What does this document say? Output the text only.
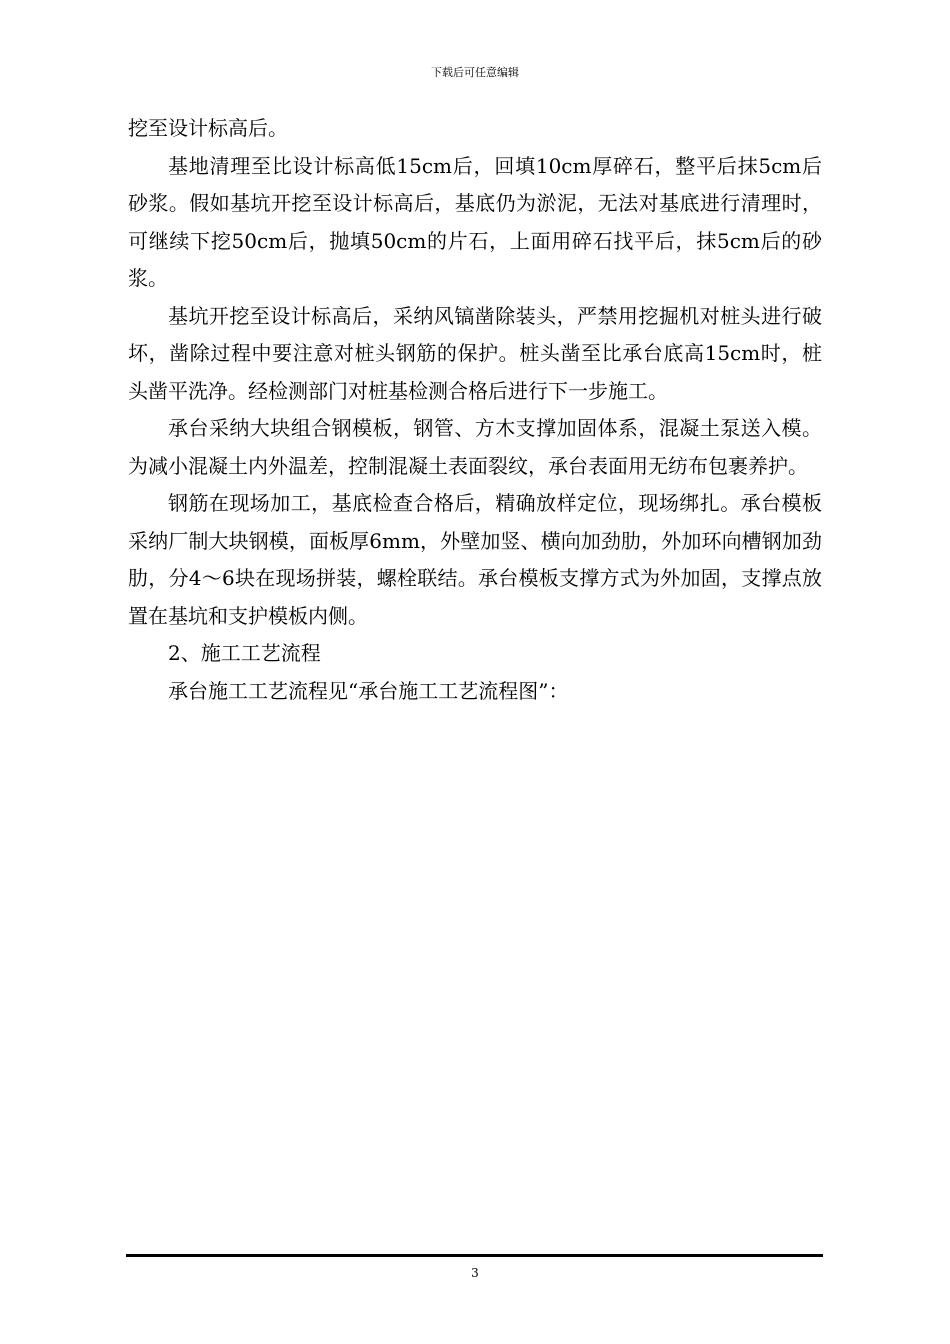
下载后可任意编辑

挖至设计标高后。

基地清理至比设计标高低15cm后，回填10cm厚碎石，整平后抹5cm后砂浆。假如基坑开挖至设计标高后，基底仍为淤泥，无法对基底进行清理时，可继续下挖50cm后，抛填50cm的片石，上面用碎石找平后，抹5cm后的砂浆。

基坑开挖至设计标高后，采纳风镐凿除装头，严禁用挖掘机对桩头进行破坏，凿除过程中要注意对桩头钢筋的保护。桩头凿至比承台底高15cm时，桩头凿平洗净。经检测部门对桩基检测合格后进行下一步施工。

承台采纳大块组合钢模板，钢管、方木支撑加固体系，混凝土泵送入模。为减小混凝土内外温差，控制混凝土表面裂纹，承台表面用无纺布包裹养护。

钢筋在现场加工，基底检查合格后，精确放样定位，现场绑扎。承台模板采纳厂制大块钢模，面板厚6mm，外壁加竖、横向加劲肋，外加环向槽钢加劲肋，分4～6块在现场拼装，螺栓联结。承台模板支撑方式为外加固，支撑点放置在基坑和支护模板内侧。

2、施工工艺流程

承台施工工艺流程见“承台施工工艺流程图”：

3
